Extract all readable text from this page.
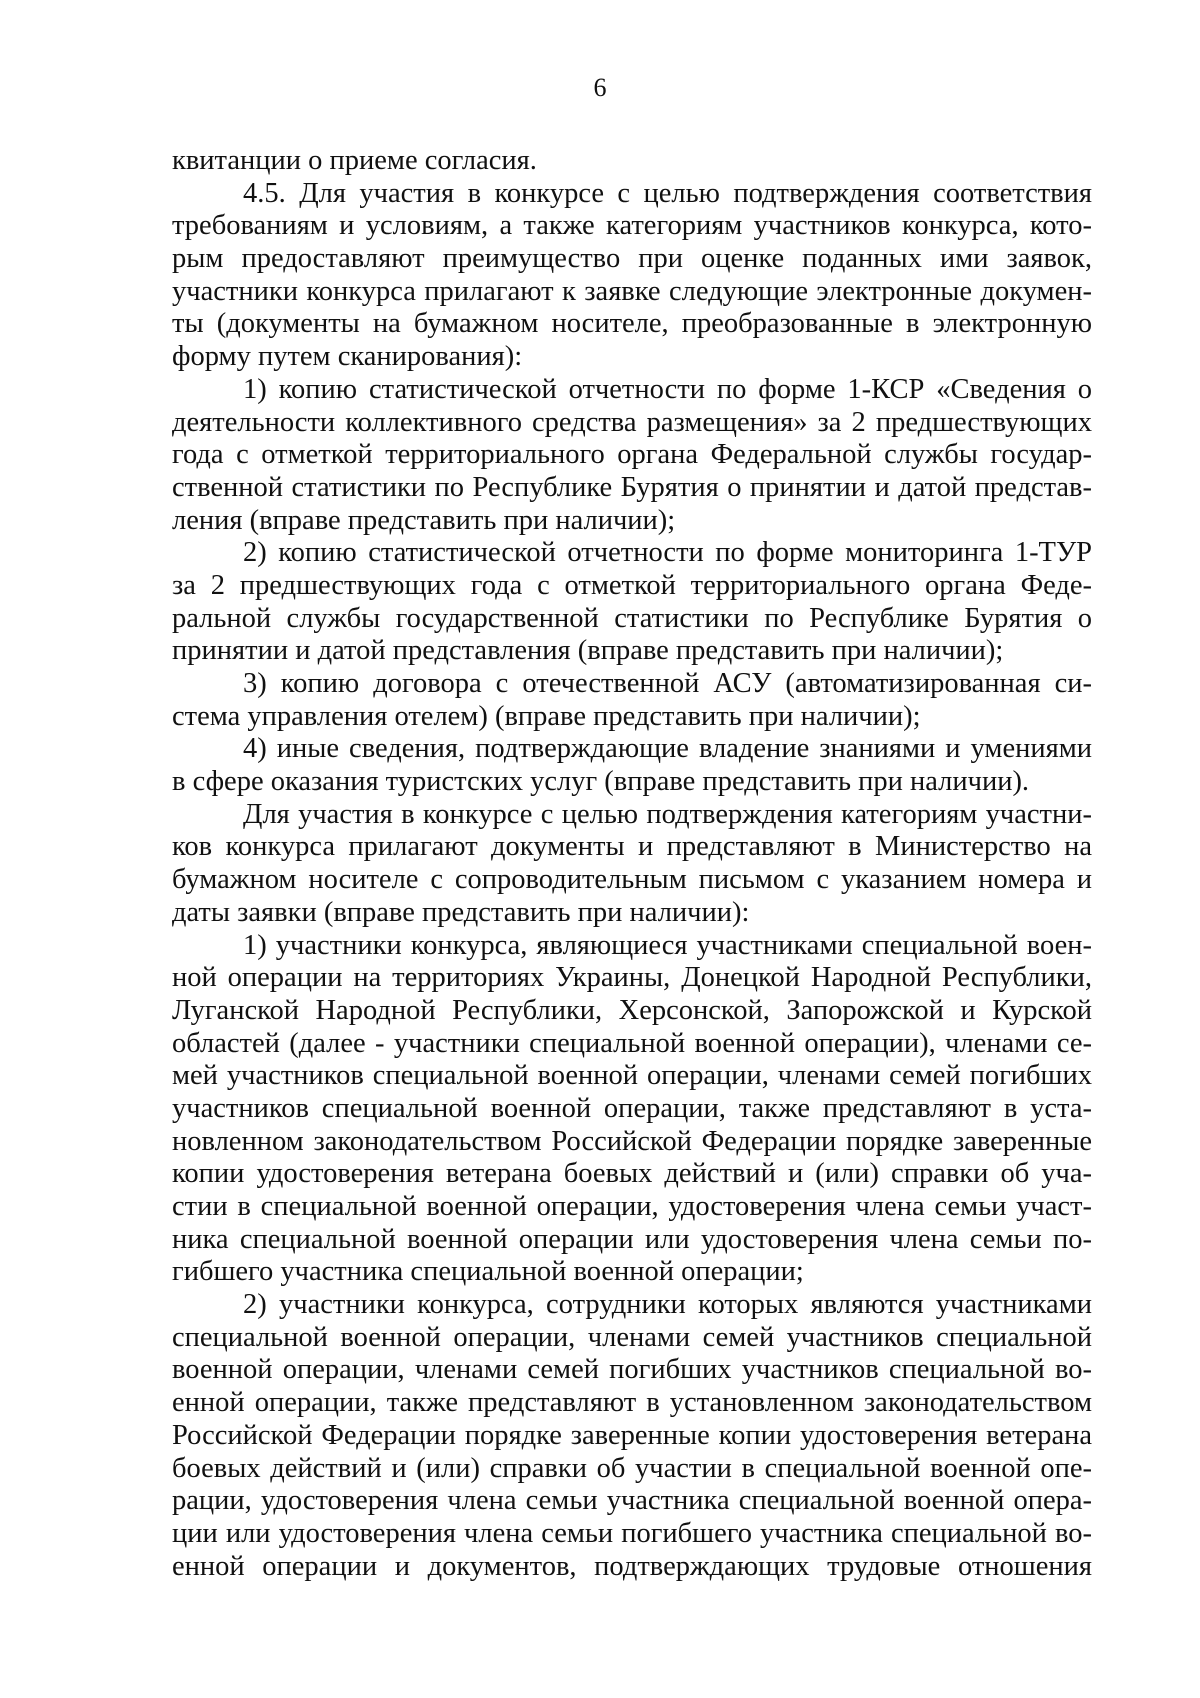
6
квитанции о приеме согласия.
4.5. Для участия в конкурсе с целью подтверждения соответствия
требованиям и условиям, а также категориям участников конкурса, кото-
рым предоставляют преимущество при оценке поданных ими заявок,
участники конкурса прилагают к заявке следующие электронные докумен-
ты (документы на бумажном носителе, преобразованные в электронную
форму путем сканирования):
1) копию статистической отчетности по форме 1-КСР «Сведения о
деятельности коллективного средства размещения» за 2 предшествующих
года с отметкой территориального органа Федеральной службы государ-
ственной статистики по Республике Бурятия о принятии и датой представ-
ления (вправе представить при наличии);
2) копию статистической отчетности по форме мониторинга 1-ТУР
за 2 предшествующих года с отметкой территориального органа Феде-
ральной службы государственной статистики по Республике Бурятия о
принятии и датой представления (вправе представить при наличии);
3) копию договора с отечественной АСУ (автоматизированная си-
стема управления отелем) (вправе представить при наличии);
4) иные сведения, подтверждающие владение знаниями и умениями
в сфере оказания туристских услуг (вправе представить при наличии).
Для участия в конкурсе с целью подтверждения категориям участни-
ков конкурса прилагают документы и представляют в Министерство на
бумажном носителе с сопроводительным письмом с указанием номера и
даты заявки (вправе представить при наличии):
1) участники конкурса, являющиеся участниками специальной воен-
ной операции на территориях Украины, Донецкой Народной Республики,
Луганской Народной Республики, Херсонской, Запорожской и Курской
областей (далее - участники специальной военной операции), членами се-
мей участников специальной военной операции, членами семей погибших
участников специальной военной операции, также представляют в уста-
новленном законодательством Российской Федерации порядке заверенные
копии удостоверения ветерана боевых действий и (или) справки об уча-
стии в специальной военной операции, удостоверения члена семьи участ-
ника специальной военной операции или удостоверения члена семьи по-
гибшего участника специальной военной операции;
2) участники конкурса, сотрудники которых являются участниками
специальной военной операции, членами семей участников специальной
военной операции, членами семей погибших участников специальной во-
енной операции, также представляют в установленном законодательством
Российской Федерации порядке заверенные копии удостоверения ветерана
боевых действий и (или) справки об участии в специальной военной опе-
рации, удостоверения члена семьи участника специальной военной опера-
ции или удостоверения члена семьи погибшего участника специальной во-
енной операции и документов, подтверждающих трудовые отношения
